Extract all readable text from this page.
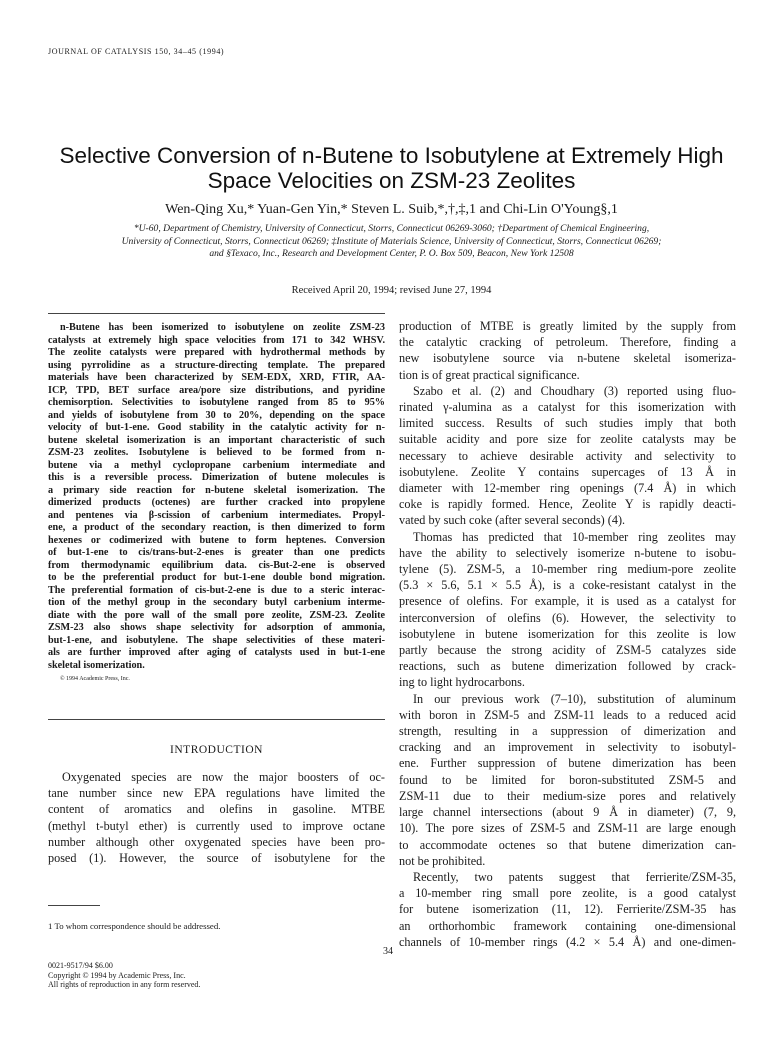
JOURNAL OF CATALYSIS 150, 34–45 (1994)
Selective Conversion of n-Butene to Isobutylene at Extremely High
Space Velocities on ZSM-23 Zeolites
Wen-Qing Xu,* Yuan-Gen Yin,* Steven L. Suib,*,†,‡,1 and Chi-Lin O'Young§,1
*U-60, Department of Chemistry, University of Connecticut, Storrs, Connecticut 06269-3060; †Department of Chemical Engineering,
University of Connecticut, Storrs, Connecticut 06269; ‡Institute of Materials Science, University of Connecticut, Storrs, Connecticut 06269;
and §Texaco, Inc., Research and Development Center, P. O. Box 509, Beacon, New York 12508
Received April 20, 1994; revised June 27, 1994
n-Butene has been isomerized to isobutylene on zeolite ZSM-23
catalysts at extremely high space velocities from 171 to 342 WHSV.
The zeolite catalysts were prepared with hydrothermal methods by
using pyrrolidine as a structure-directing template. The prepared
materials have been characterized by SEM-EDX, XRD, FTIR, AA-
ICP, TPD, BET surface area/pore size distributions, and pyridine
chemisorption. Selectivities to isobutylene ranged from 85 to 95%
and yields of isobutylene from 30 to 20%, depending on the space
velocity of but-1-ene. Good stability in the catalytic activity for n-
butene skeletal isomerization is an important characteristic of such
ZSM-23 zeolites. Isobutylene is believed to be formed from n-
butene via a methyl cyclopropane carbenium intermediate and
this is a reversible process. Dimerization of butene molecules is
a primary side reaction for n-butene skeletal isomerization. The
dimerized products (octenes) are further cracked into propylene
and pentenes via β-scission of carbenium intermediates. Propyl-
ene, a product of the secondary reaction, is then dimerized to form
hexenes or codimerized with butene to form heptenes. Conversion
of but-1-ene to cis/trans-but-2-enes is greater than one predicts
from thermodynamic equilibrium data. cis-But-2-ene is observed
to be the preferential product for but-1-ene double bond migration.
The preferential formation of cis-but-2-ene is due to a steric interac-
tion of the methyl group in the secondary butyl carbenium interme-
diate with the pore wall of the small pore zeolite, ZSM-23. Zeolite
ZSM-23 also shows shape selectivity for adsorption of ammonia,
but-1-ene, and isobutylene. The shape selectivities of these materi-
als are further improved after aging of catalysts used in but-1-ene
skeletal isomerization.
© 1994 Academic Press, Inc.
INTRODUCTION
Oxygenated species are now the major boosters of oc-
tane number since new EPA regulations have limited the
content of aromatics and olefins in gasoline. MTBE
(methyl t-butyl ether) is currently used to improve octane
number although other oxygenated species have been pro-
posed (1). However, the source of isobutylene for the
1 To whom correspondence should be addressed.
production of MTBE is greatly limited by the supply from
the catalytic cracking of petroleum. Therefore, finding a
new isobutylene source via n-butene skeletal isomeriza-
tion is of great practical significance.
Szabo et al. (2) and Choudhary (3) reported using fluo-
rinated γ-alumina as a catalyst for this isomerization with
limited success. Results of such studies imply that both
suitable acidity and pore size for zeolite catalysts may be
necessary to achieve desirable activity and selectivity to
isobutylene. Zeolite Y contains supercages of 13 Å in
diameter with 12-member ring openings (7.4 Å) in which
coke is rapidly formed. Hence, Zeolite Y is rapidly deacti-
vated by such coke (after several seconds) (4).
Thomas has predicted that 10-member ring zeolites may
have the ability to selectively isomerize n-butene to isobu-
tylene (5). ZSM-5, a 10-member ring medium-pore zeolite
(5.3 × 5.6, 5.1 × 5.5 Å), is a coke-resistant catalyst in the
presence of olefins. For example, it is used as a catalyst for
interconversion of olefins (6). However, the selectivity to
isobutylene in butene isomerization for this zeolite is low
partly because the strong acidity of ZSM-5 catalyzes side
reactions, such as butene dimerization followed by crack-
ing to light hydrocarbons.
In our previous work (7–10), substitution of aluminum
with boron in ZSM-5 and ZSM-11 leads to a reduced acid
strength, resulting in a suppression of dimerization and
cracking and an improvement in selectivity to isobutyl-
ene. Further suppression of butene dimerization has been
found to be limited for boron-substituted ZSM-5 and
ZSM-11 due to their medium-size pores and relatively
large channel intersections (about 9 Å in diameter) (7, 9,
10). The pore sizes of ZSM-5 and ZSM-11 are large enough
to accommodate octenes so that butene dimerization can-
not be prohibited.
Recently, two patents suggest that ferrierite/ZSM-35,
a 10-member ring small pore zeolite, is a good catalyst
for butene isomerization (11, 12). Ferrierite/ZSM-35 has
an orthorhombic framework containing one-dimensional
channels of 10-member rings (4.2 × 5.4 Å) and one-dimen-
34
0021-9517/94 $6.00
Copyright © 1994 by Academic Press, Inc.
All rights of reproduction in any form reserved.
